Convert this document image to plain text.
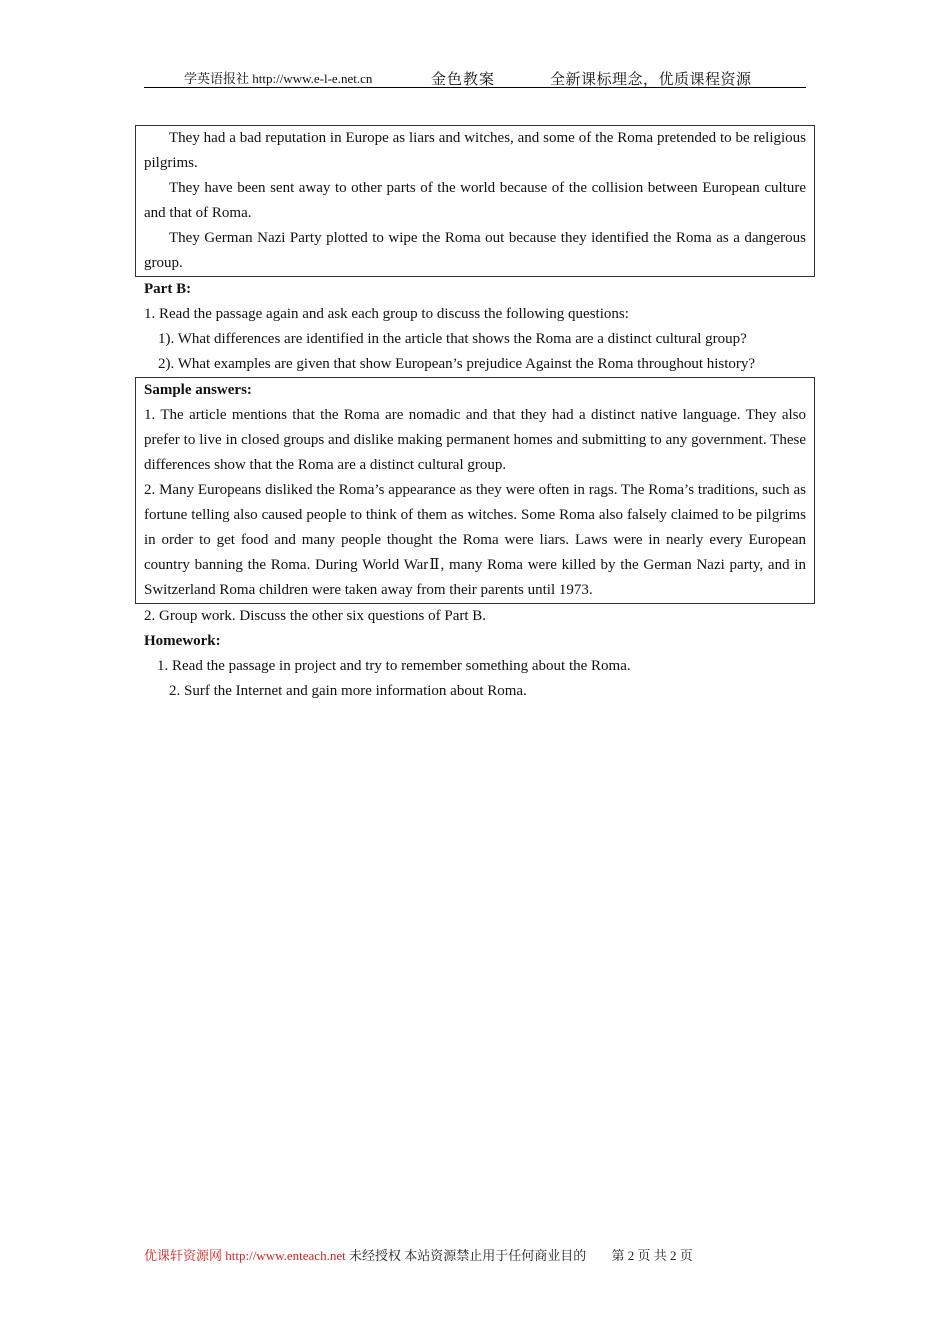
学英语报社 http://www.e-l-e.net.cn	金色教案	全新课标理念，优质课程资源

They had a bad reputation in Europe as liars and witches, and some of the Roma pretended to be religious pilgrims.

They have been sent away to other parts of the world because of the collision between European culture and that of Roma.

They German Nazi Party plotted to wipe the Roma out because they identified the Roma as a dangerous group.

Part B:

1. Read the passage again and ask each group to discuss the following questions:

1). What differences are identified in the article that shows the Roma are a distinct cultural group?

2). What examples are given that show European’s prejudice Against the Roma throughout history?

Sample answers:

1. The article mentions that the Roma are nomadic and that they had a distinct native language. They also prefer to live in closed groups and dislike making permanent homes and submitting to any government. These differences show that the Roma are a distinct cultural group.

2. Many Europeans disliked the Roma’s appearance as they were often in rags. The Roma’s traditions, such as fortune telling also caused people to think of them as witches. Some Roma also falsely claimed to be pilgrims in order to get food and many people thought the Roma were liars. Laws were in nearly every European country banning the Roma. During World WarⅡ, many Roma were killed by the German Nazi party, and in Switzerland Roma children were taken away from their parents until 1973.

2. Group work. Discuss the other six questions of Part B.

Homework:

1. Read the passage in project and try to remember something about the Roma.

2. Surf the Internet and gain more information about Roma.

优课轩资源网 http://www.enteach.net 未经授权 本站资源禁止用于任何商业目的 第 2 页 共 2 页
